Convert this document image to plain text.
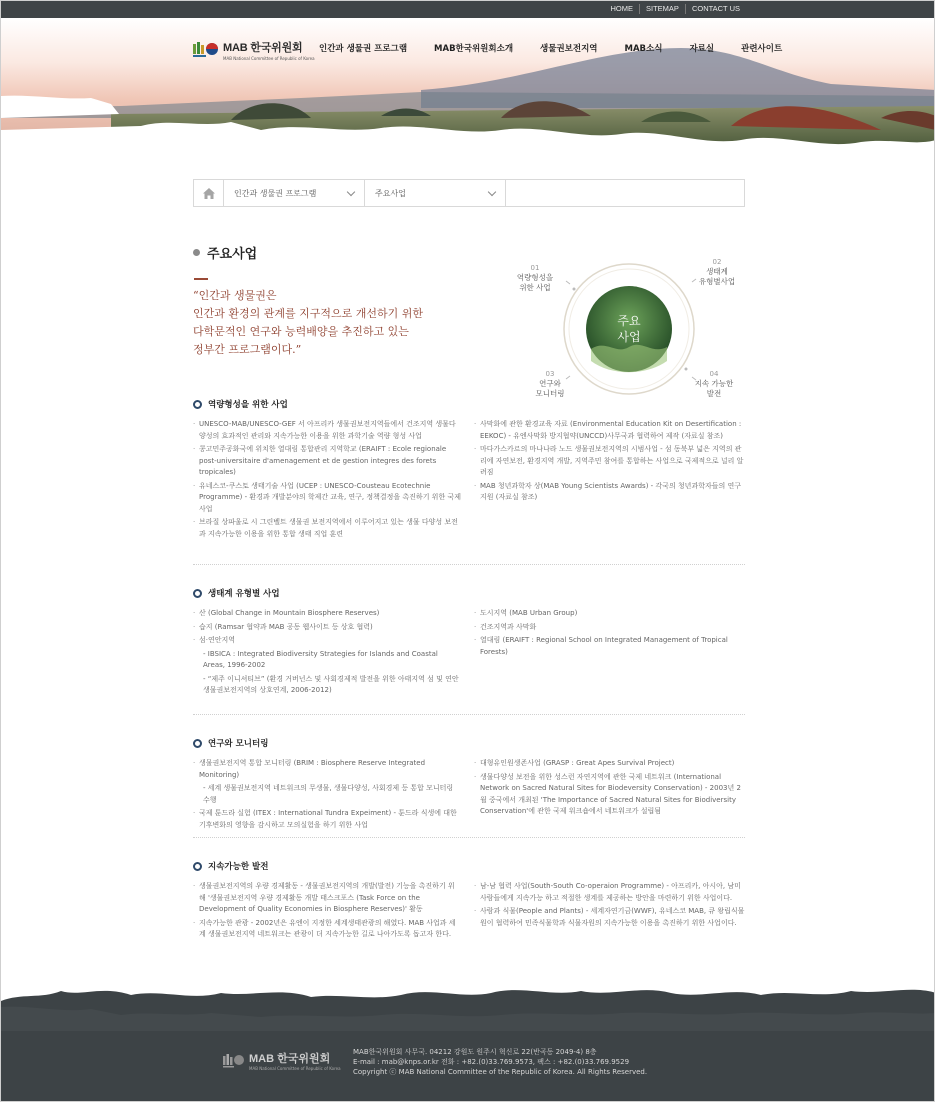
HOME	SITEMAP	CONTACT US
MAB 한국위원회
MAB National Committee of Republic of Korea
인간과 생물권 프로그램	MAB한국위원회소개	생물권보전지역	MAB소식	자료실	관련사이트
인간과 생물권 프로그램	주요사업
주요사업
“인간과 생물권은
인간과 환경의 관계를 지구적으로 개선하기 위한
다학문적인 연구와 능력배양을 추진하고 있는
정부간 프로그램이다.”
주요
사업
01
역량형성을
위한 사업
02
생태계
유형별사업
03
연구와
모니터링
04
지속 가능한
발전
역량형성을 위한 사업
· UNESCO-MAB/UNESCO-GEF 서 아프리카 생물권보전지역들에서 건조지역 생물다양성의 효과적인 관리와 지속가능한 이용을 위한 과학기술 역량 형성 사업
· 콩고민주공화국에 위치한 열대림 통합관리 지역학교 (ERAIFT : Ecole regionale post-universitaire d'amenagement et de gestion integres des forets tropicales)
· 유네스코-쿠스토 생태기술 사업 (UCEP : UNESCO-Cousteau Ecotechnie Programme) - 환경과 개발분야의 학제간 교육, 연구, 정책결정을 촉진하기 위한 국제사업
· 브라질 상파울로 시 그린벨트 생물권 보전지역에서 이루어지고 있는 생물 다양성 보전과 지속가능한 이용을 위한 통합 생태 직업 훈련
· 사막화에 관한 환경교육 자료 (Environmental Education Kit on Desertification : EEKOC) - 유엔사막화 방지협약(UNCCD)사무국과 협력하여 제작 (자료실 참조)
· 마다가스카르의 마나나라 노드 생물권보전지역의 시범사업 - 섬 동북부 넓은 지역의 관리에 자연보전, 환경지역 개발, 지역주민 참여를 통합하는 사업으로 국제적으로 널리 알려짐
· MAB 청년과학자 상(MAB Young Scientists Awards) - 각국의 청년과학자들의 연구 지원 (자료실 참조)
생태계 유형별 사업
· 산 (Global Change in Mountain Biosphere Reserves)
· 습지 (Ramsar 협약과 MAB 공동 웹사이트 등 상호 협력)
· 섬·연안지역
- IBSICA : Integrated Biodiversity Strategies for Islands and Coastal Areas, 1996-2002
- “제주 이니셔티브” (환경 거버넌스 및 사회경제적 발전을 위한 아태지역 섬 및 연안 생물권보전지역의 상호연계, 2006-2012)
· 도시지역 (MAB Urban Group)
· 건조지역과 사막화
· 열대림 (ERAIFT : Regional School on Integrated Management of Tropical Forests)
연구와 모니터링
· 생물권보전지역 통합 모니터링 (BRIM : Biosphere Reserve Integrated Monitoring)
- 세계 생물권보전지역 네트워크의 무생물, 생물다양성, 사회경제 등 통합 모니터링 수행
· 국제 툰드라 실험 (ITEX : International Tundra Expeiment) - 툰드라 식생에 대한 기후변화의 영향을 감시하고 모의실험을 하기 위한 사업
· 대형유인원생존사업 (GRASP : Great Apes Survival Project)
· 생물다양성 보전을 위한 성스런 자연지역에 관한 국제 네트워크 (International Network on Sacred Natural Sites for Biodeversity Conservation) - 2003년 2월 중국에서 개최된 'The Importance of Sacred Natural Sites for Biodiversity Conservation'에 관한 국제 워크숍에서 네트워크가 설립됨
지속가능한 발전
· 생물권보전지역의 우량 경제활동 - 생물권보전지역의 개발(발전) 기능을 촉진하기 위해 '생물권보전지역 우량 경제활동 개발 태스크포스 (Task Force on the Development of Quality Economies in Biosphere Reserves)' 활동
· 지속가능한 관광 - 2002년은 유엔이 지정한 세계생태관광의 해였다. MAB 사업과 세계 생물권보전지역 네트워크는 관광이 더 지속가능한 길로 나아가도록 돕고자 한다.
· 남-남 협력 사업(South-South Co-operaion Programme) - 아프리카, 아시아, 남미 사람들에게 지속가능 하고 적절한 생계를 제공하는 방안을 마련하기 위한 사업이다.
· 사람과 식물(People and Plants) - 세계자연기금(WWF), 유네스코 MAB, 큐 왕립식물원이 협력하여 민족식물학과 식물자원의 지속가능한 이용을 촉진하기 위한 사업이다.
MAB 한국위원회
MAB National Committee of Republic of Korea
MAB한국위원회 사무국. 04212 강원도 원주시 혁신로 22(반곡동 2049-4) 8층
E-mail : mab@knps.or.kr 전화 : +82.(0)33.769.9573, 팩스 : +82.(0)33.769.9529
Copyright ⓒ MAB National Committee of the Republic of Korea. All Rights Reserved.
